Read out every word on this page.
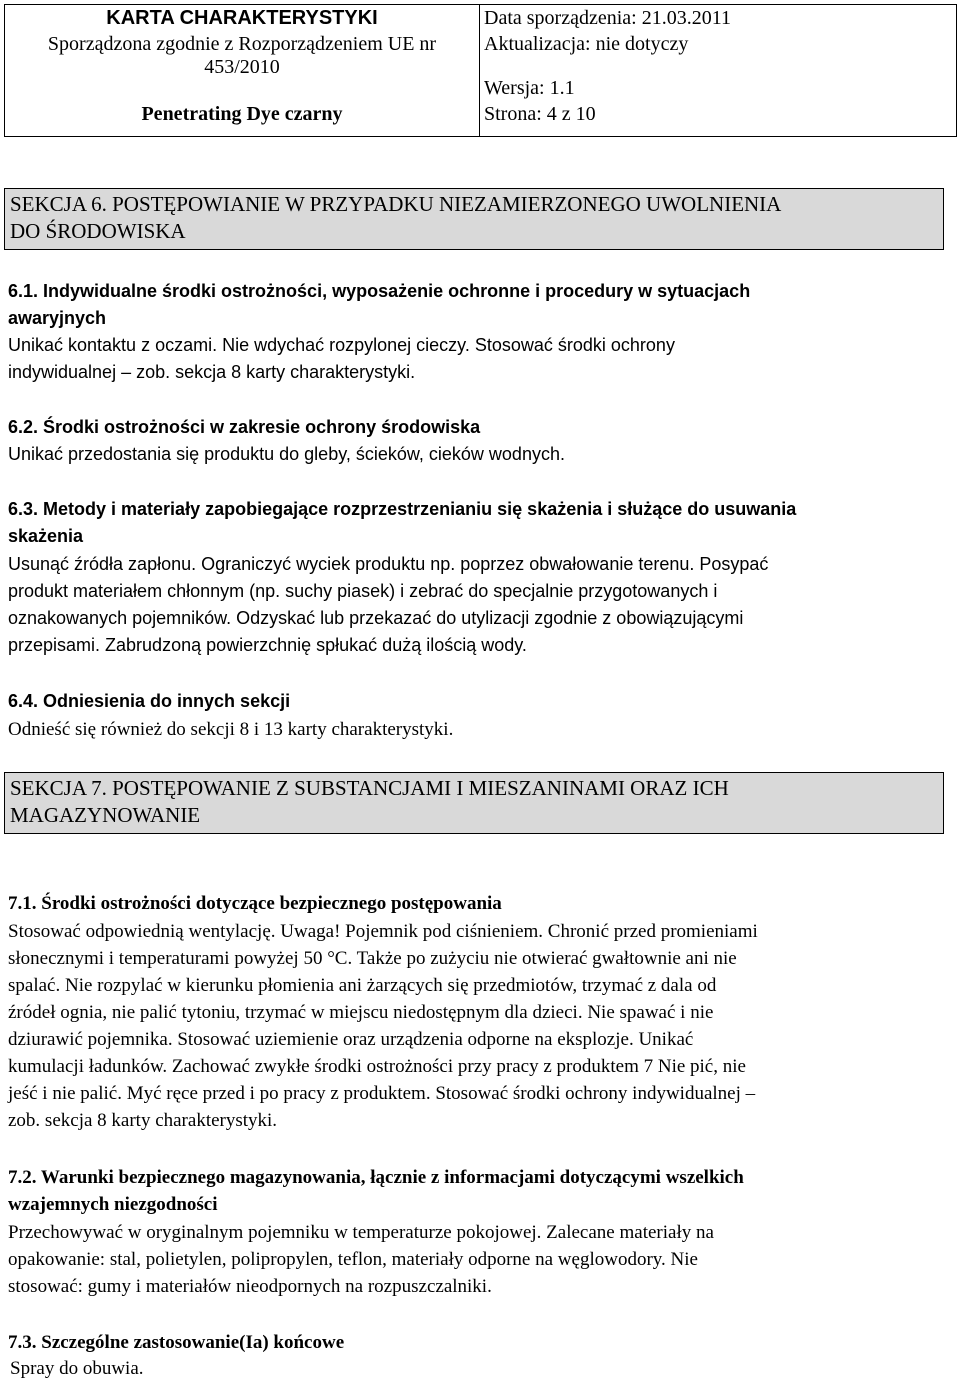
KARTA CHARAKTERYSTYKI
Sporządzona zgodnie z Rozporządzeniem UE nr
453/2010
Penetrating Dye czarny

Data sporządzenia: 21.03.2011
Aktualizacja: nie dotyczy
Wersja: 1.1
Strona: 4 z 10
SEKCJA 6. POSTĘPOWIANIE W PRZYPADKU NIEZAMIERZONEGO UWOLNIENIA
DO ŚRODOWISKA
6.1. Indywidualne środki ostrożności, wyposażenie ochronne i procedury w sytuacjach
awaryjnych
Unikać kontaktu z oczami. Nie wdychać rozpylonej cieczy. Stosować środki ochrony
indywidualnej – zob. sekcja 8 karty charakterystyki.
6.2. Środki ostrożności w zakresie ochrony środowiska
Unikać przedostania się produktu do gleby, ścieków, cieków wodnych.
6.3. Metody i materiały zapobiegające rozprzestrzenianiu się skażenia i służące do usuwania
skażenia
Usunąć źródła zapłonu. Ograniczyć wyciek produktu np. poprzez obwałowanie terenu. Posypać
produkt materiałem chłonnym (np. suchy piasek) i zebrać do specjalnie przygotowanych i
oznakowanych pojemników. Odzyskać lub przekazać do utylizacji zgodnie z obowiązującymi
przepisami. Zabrudzoną powierzchnię spłukać dużą ilością wody.
6.4. Odniesienia do innych sekcji
Odnieść się również do sekcji 8 i 13 karty charakterystyki.
SEKCJA 7. POSTĘPOWANIE Z SUBSTANCJAMI I MIESZANINAMI ORAZ ICH
MAGAZYNOWANIE
7.1. Środki ostrożności dotyczące bezpiecznego postępowania
Stosować odpowiednią wentylację. Uwaga! Pojemnik pod ciśnieniem. Chronić przed promieniami
słonecznymi i temperaturami powyżej 50 °C. Także po zużyciu nie otwierać gwałtownie ani nie
spalać. Nie rozpylać w kierunku płomienia ani żarzących się przedmiotów, trzymać z dala od
źródeł ognia, nie palić tytoniu, trzymać w miejscu niedostępnym dla dzieci. Nie spawać i nie
dziurawić pojemnika. Stosować uziemienie oraz urządzenia odporne na eksplozje. Unikać
kumulacji ładunków. Zachować zwykłe środki ostrożności przy pracy z produktem 7 Nie pić, nie
jeść i nie palić. Myć ręce przed i po pracy z produktem. Stosować środki ochrony indywidualnej –
zob. sekcja 8 karty charakterystyki.
7.2. Warunki bezpiecznego magazynowania, łącznie z informacjami dotyczącymi wszelkich
wzajemnych niezgodności
Przechowywać w oryginalnym pojemniku w temperaturze pokojowej. Zalecane materiały na
opakowanie: stal, polietylen, polipropylen, teflon, materiały odporne na węglowodory. Nie
stosować: gumy i materiałów nieodpornych na rozpuszczalniki.
7.3. Szczególne zastosowanie(Ia) końcowe
Spray do obuwia.
